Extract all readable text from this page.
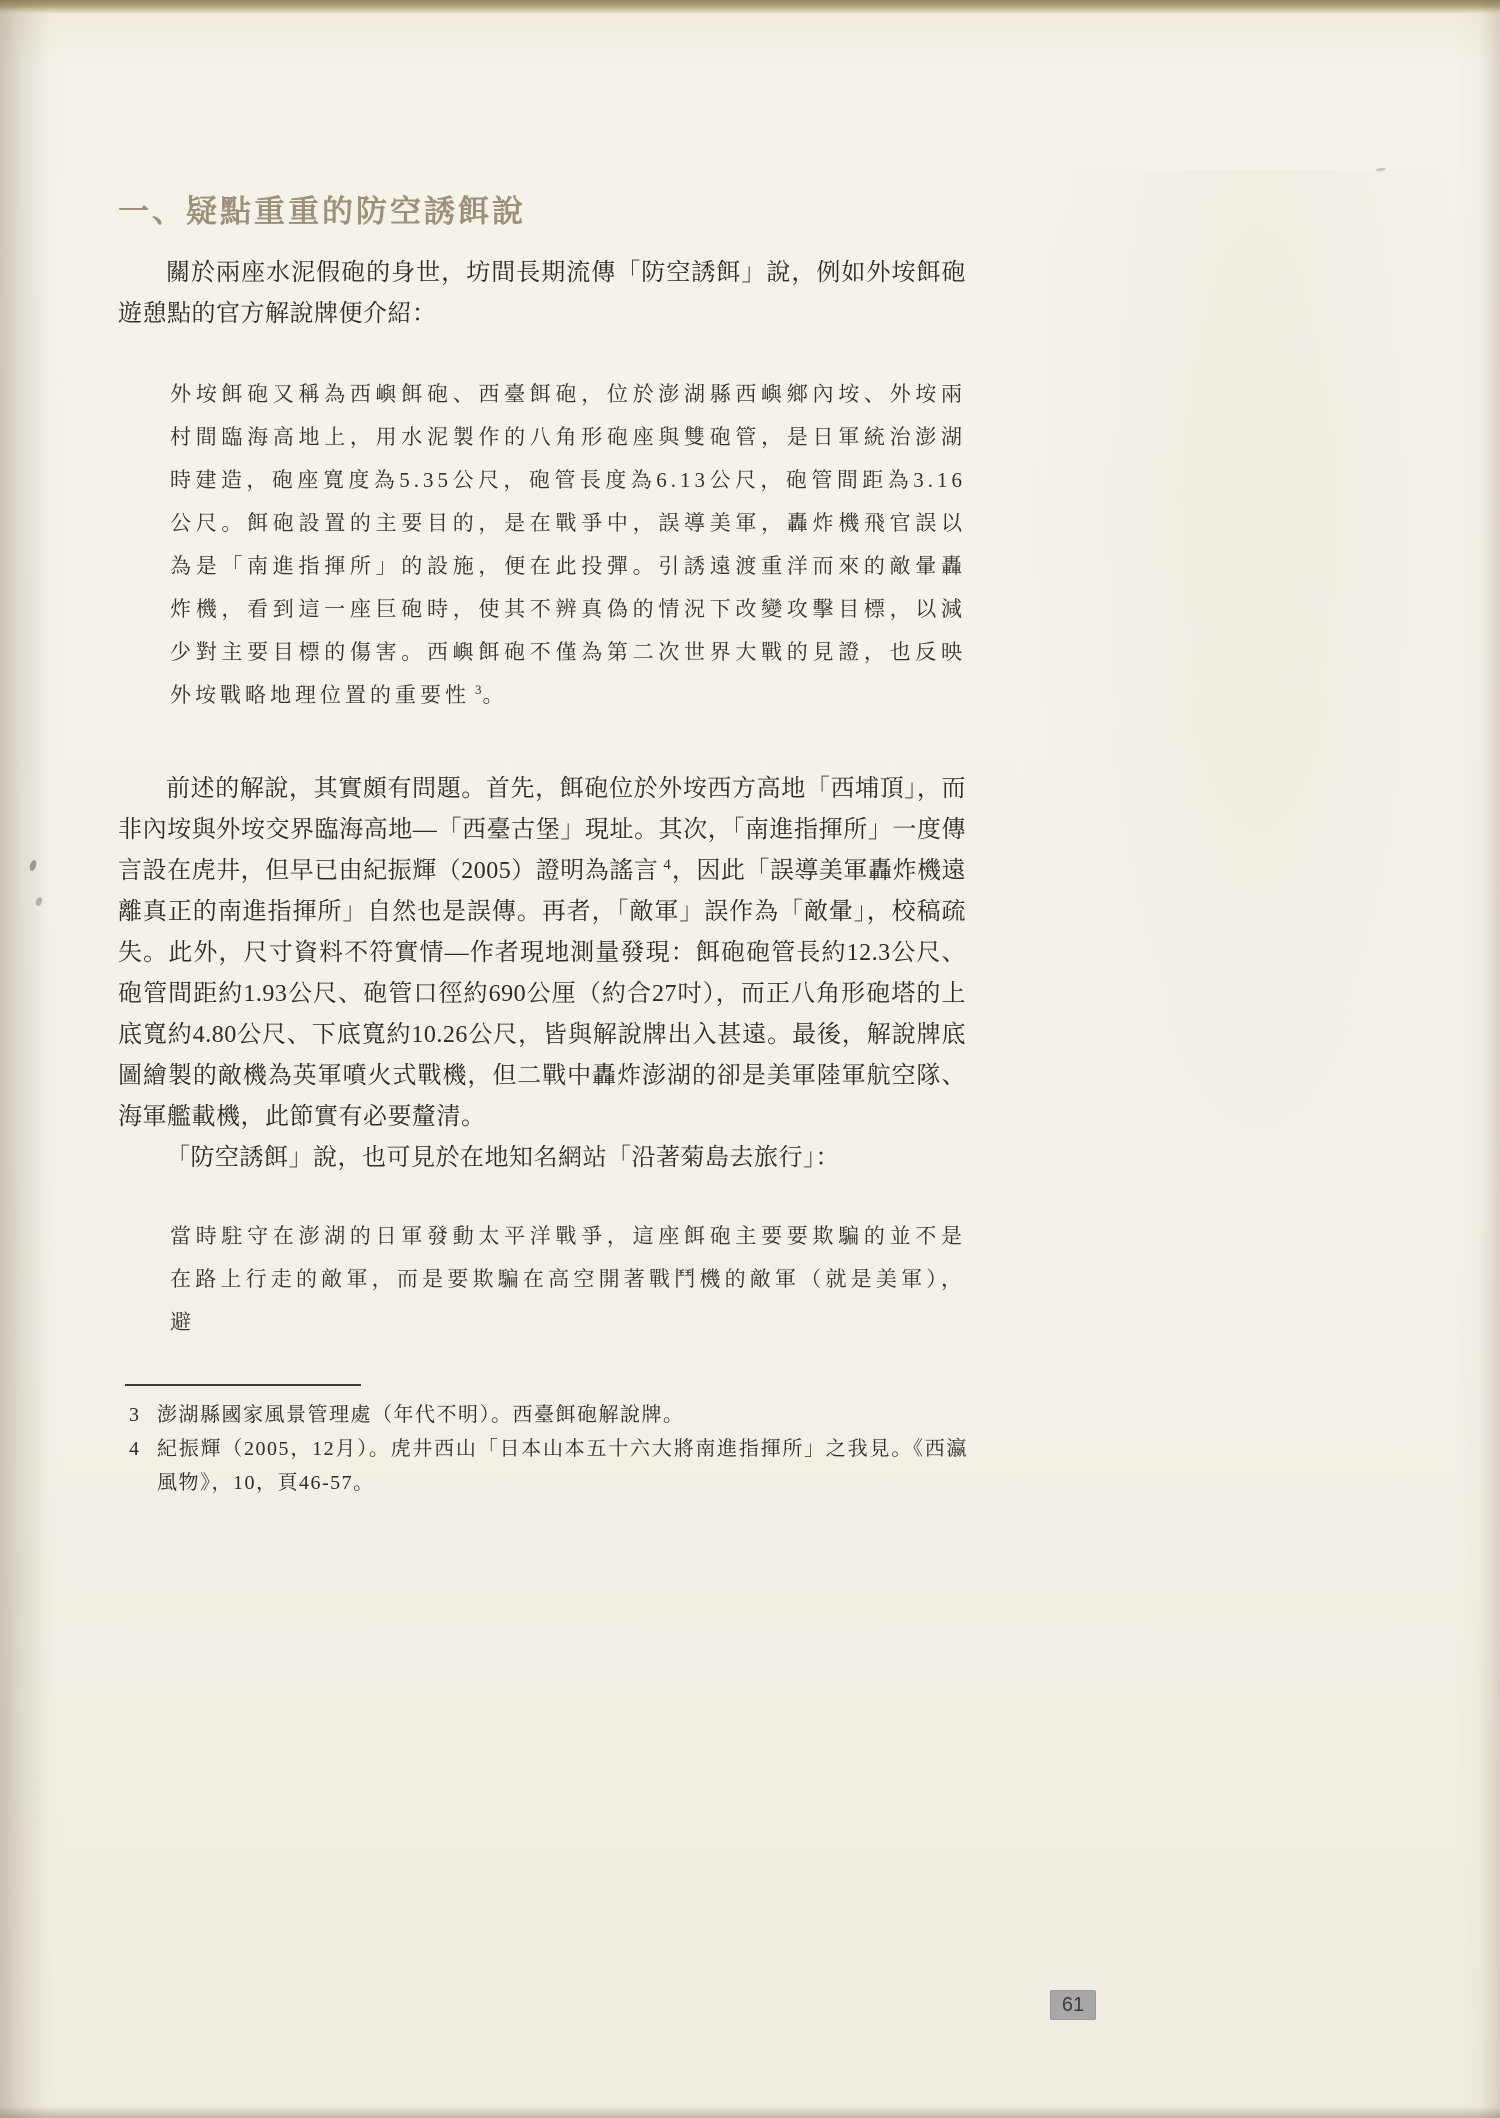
一、疑點重重的防空誘餌說

關於兩座水泥假砲的身世，坊間長期流傳「防空誘餌」說，例如外垵餌砲遊憩點的官方解說牌便介紹：

外垵餌砲又稱為西嶼餌砲、西臺餌砲，位於澎湖縣西嶼鄉內垵、外垵兩村間臨海高地上，用水泥製作的八角形砲座與雙砲管，是日軍統治澎湖時建造，砲座寬度為5.35公尺，砲管長度為6.13公尺，砲管間距為3.16公尺。餌砲設置的主要目的，是在戰爭中，誤導美軍，轟炸機飛官誤以為是「南進指揮所」的設施，便在此投彈。引誘遠渡重洋而來的敵暈轟炸機，看到這一座巨砲時，使其不辨真偽的情況下改變攻擊目標，以減少對主要目標的傷害。西嶼餌砲不僅為第二次世界大戰的見證，也反映外垵戰略地理位置的重要性 $^3$。

前述的解說，其實頗有問題。首先，餌砲位於外垵西方高地「西埔頂」，而非內垵與外垵交界臨海高地—「西臺古堡」現址。其次，「南進指揮所」一度傳言設在虎井，但早已由紀振輝（2005）證明為謠言 $^4$，因此「誤導美軍轟炸機遠離真正的南進指揮所」自然也是誤傳。再者，「敵軍」誤作為「敵暈」，校稿疏失。此外，尺寸資料不符實情—作者現地測量發現：餌砲砲管長約12.3公尺、砲管間距約1.93公尺、砲管口徑約690公厘（約合27吋），而正八角形砲塔的上底寬約4.80公尺、下底寬約10.26公尺，皆與解說牌出入甚遠。最後，解說牌底圖繪製的敵機為英軍噴火式戰機，但二戰中轟炸澎湖的卻是美軍陸軍航空隊、海軍艦載機，此節實有必要釐清。

「防空誘餌」說，也可見於在地知名網站「沿著菊島去旅行」：

當時駐守在澎湖的日軍發動太平洋戰爭，這座餌砲主要要欺騙的並不是在路上行走的敵軍，而是要欺騙在高空開著戰鬥機的敵軍（就是美軍），避
3 澎湖縣國家風景管理處（年代不明）。西臺餌砲解說牌。
4 紀振輝（2005，12月）。虎井西山「日本山本五十六大將南進指揮所」之我見。《西瀛風物》，10，頁46-57。
61
